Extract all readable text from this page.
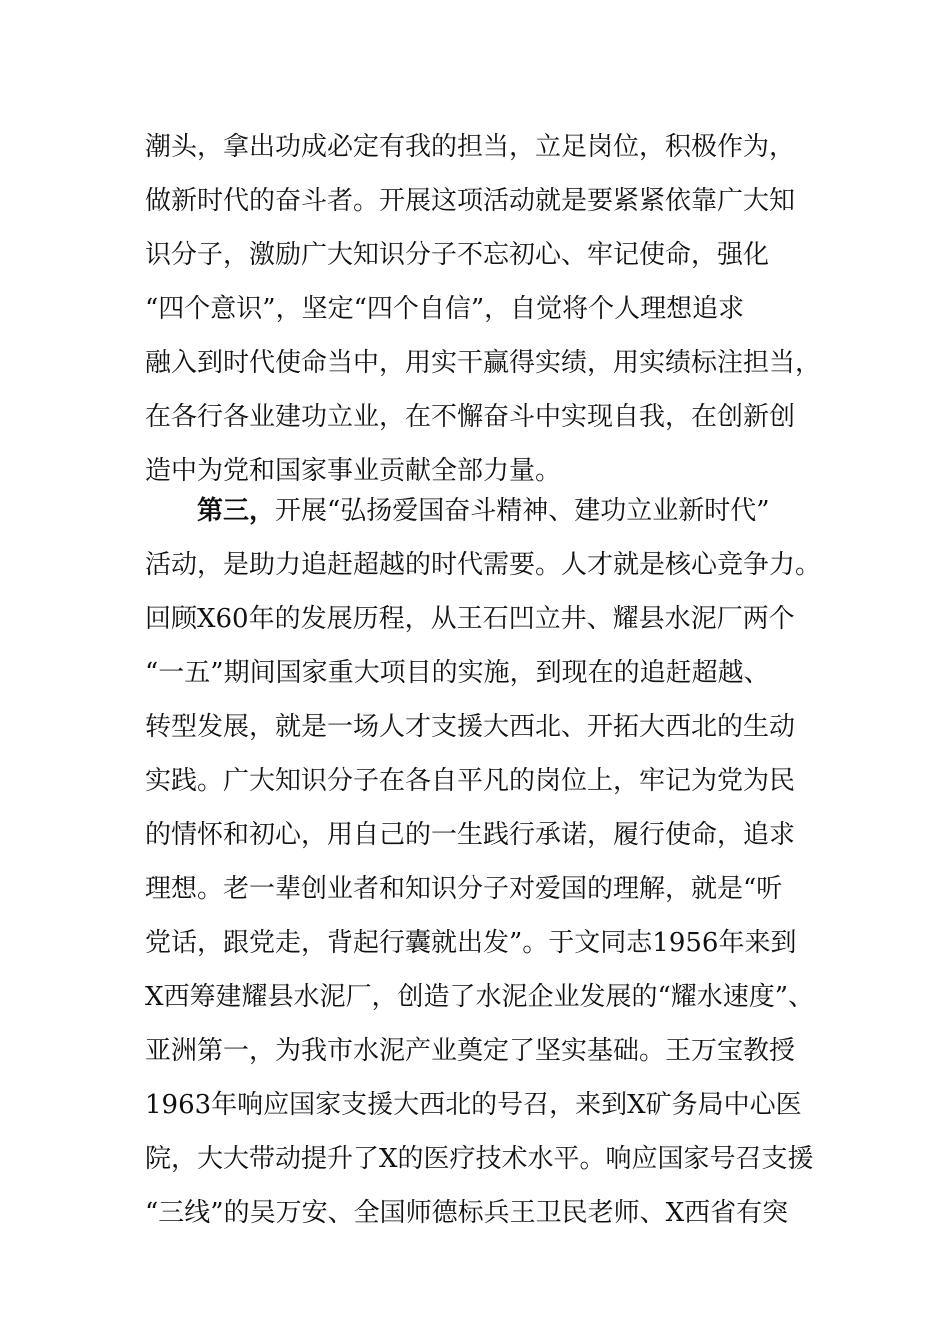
潮头，拿出功成必定有我的担当，立足岗位，积极作为，
做新时代的奋斗者。开展这项活动就是要紧紧依靠广大知
识分子，激励广大知识分子不忘初心、牢记使命，强化
“四个意识”，坚定“四个自信”，自觉将个人理想追求
融入到时代使命当中，用实干赢得实绩，用实绩标注担当，
在各行各业建功立业，在不懈奋斗中实现自我，在创新创
造中为党和国家事业贡献全部力量。
第三，开展“弘扬爱国奋斗精神、建功立业新时代”
活动，是助力追赶超越的时代需要。人才就是核心竞争力。
回顾X60年的发展历程，从王石凹立井、耀县水泥厂两个
“一五”期间国家重大项目的实施，到现在的追赶超越、
转型发展，就是一场人才支援大西北、开拓大西北的生动
实践。广大知识分子在各自平凡的岗位上，牢记为党为民
的情怀和初心，用自己的一生践行承诺，履行使命，追求
理想。老一辈创业者和知识分子对爱国的理解，就是“听
党话，跟党走，背起行囊就出发”。于文同志1956年来到
X西筹建耀县水泥厂，创造了水泥企业发展的“耀水速度”、
亚洲第一，为我市水泥产业奠定了坚实基础。王万宝教授
1963年响应国家支援大西北的号召，来到X矿务局中心医
院，大大带动提升了X的医疗技术水平。响应国家号召支援
“三线”的吴万安、全国师德标兵王卫民老师、X西省有突
